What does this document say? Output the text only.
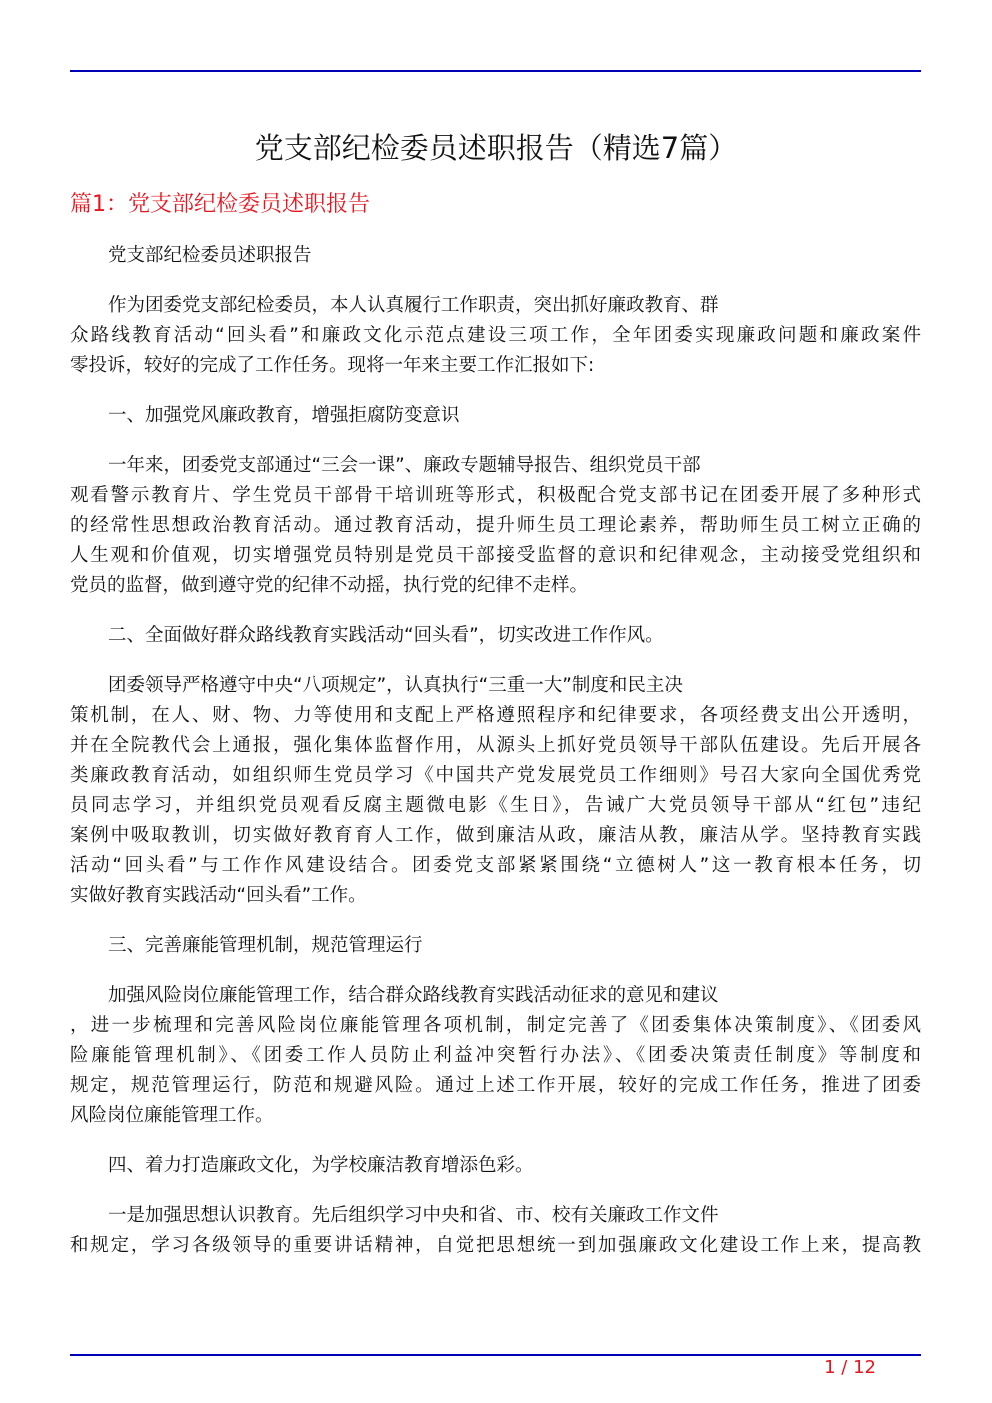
党支部纪检委员述职报告（精选7篇）
篇1：党支部纪检委员述职报告
党支部纪检委员述职报告
作为团委党支部纪检委员，本人认真履行工作职责，突出抓好廉政教育、群
众路线教育活动“回头看”和廉政文化示范点建设三项工作，全年团委实现廉政问题和廉政案件
零投诉，较好的完成了工作任务。现将一年来主要工作汇报如下:
一、加强党风廉政教育，增强拒腐防变意识
一年来，团委党支部通过“三会一课”、廉政专题辅导报告、组织党员干部
观看警示教育片、学生党员干部骨干培训班等形式，积极配合党支部书记在团委开展了多种形式
的经常性思想政治教育活动。通过教育活动，提升师生员工理论素养，帮助师生员工树立正确的
人生观和价值观，切实增强党员特别是党员干部接受监督的意识和纪律观念，主动接受党组织和
党员的监督，做到遵守党的纪律不动摇，执行党的纪律不走样。
二、全面做好群众路线教育实践活动“回头看”，切实改进工作作风。
团委领导严格遵守中央“八项规定”，认真执行“三重一大”制度和民主决
策机制，在人、财、物、力等使用和支配上严格遵照程序和纪律要求，各项经费支出公开透明，
并在全院教代会上通报，强化集体监督作用，从源头上抓好党员领导干部队伍建设。先后开展各
类廉政教育活动，如组织师生党员学习《中国共产党发展党员工作细则》号召大家向全国优秀党
员同志学习，并组织党员观看反腐主题微电影《生日》，告诫广大党员领导干部从“红包”违纪
案例中吸取教训，切实做好教育育人工作，做到廉洁从政，廉洁从教，廉洁从学。坚持教育实践
活动“回头看”与工作作风建设结合。团委党支部紧紧围绕“立德树人”这一教育根本任务，切
实做好教育实践活动“回头看”工作。
三、完善廉能管理机制，规范管理运行
加强风险岗位廉能管理工作，结合群众路线教育实践活动征求的意见和建议
，进一步梳理和完善风险岗位廉能管理各项机制，制定完善了《团委集体决策制度》、《团委风
险廉能管理机制》、《团委工作人员防止利益冲突暂行办法》、《团委决策责任制度》等制度和
规定，规范管理运行，防范和规避风险。通过上述工作开展，较好的完成工作任务，推进了团委
风险岗位廉能管理工作。
四、着力打造廉政文化，为学校廉洁教育增添色彩。
一是加强思想认识教育。先后组织学习中央和省、市、校有关廉政工作文件
和规定，学习各级领导的重要讲话精神，自觉把思想统一到加强廉政文化建设工作上来，提高教
1 / 12
